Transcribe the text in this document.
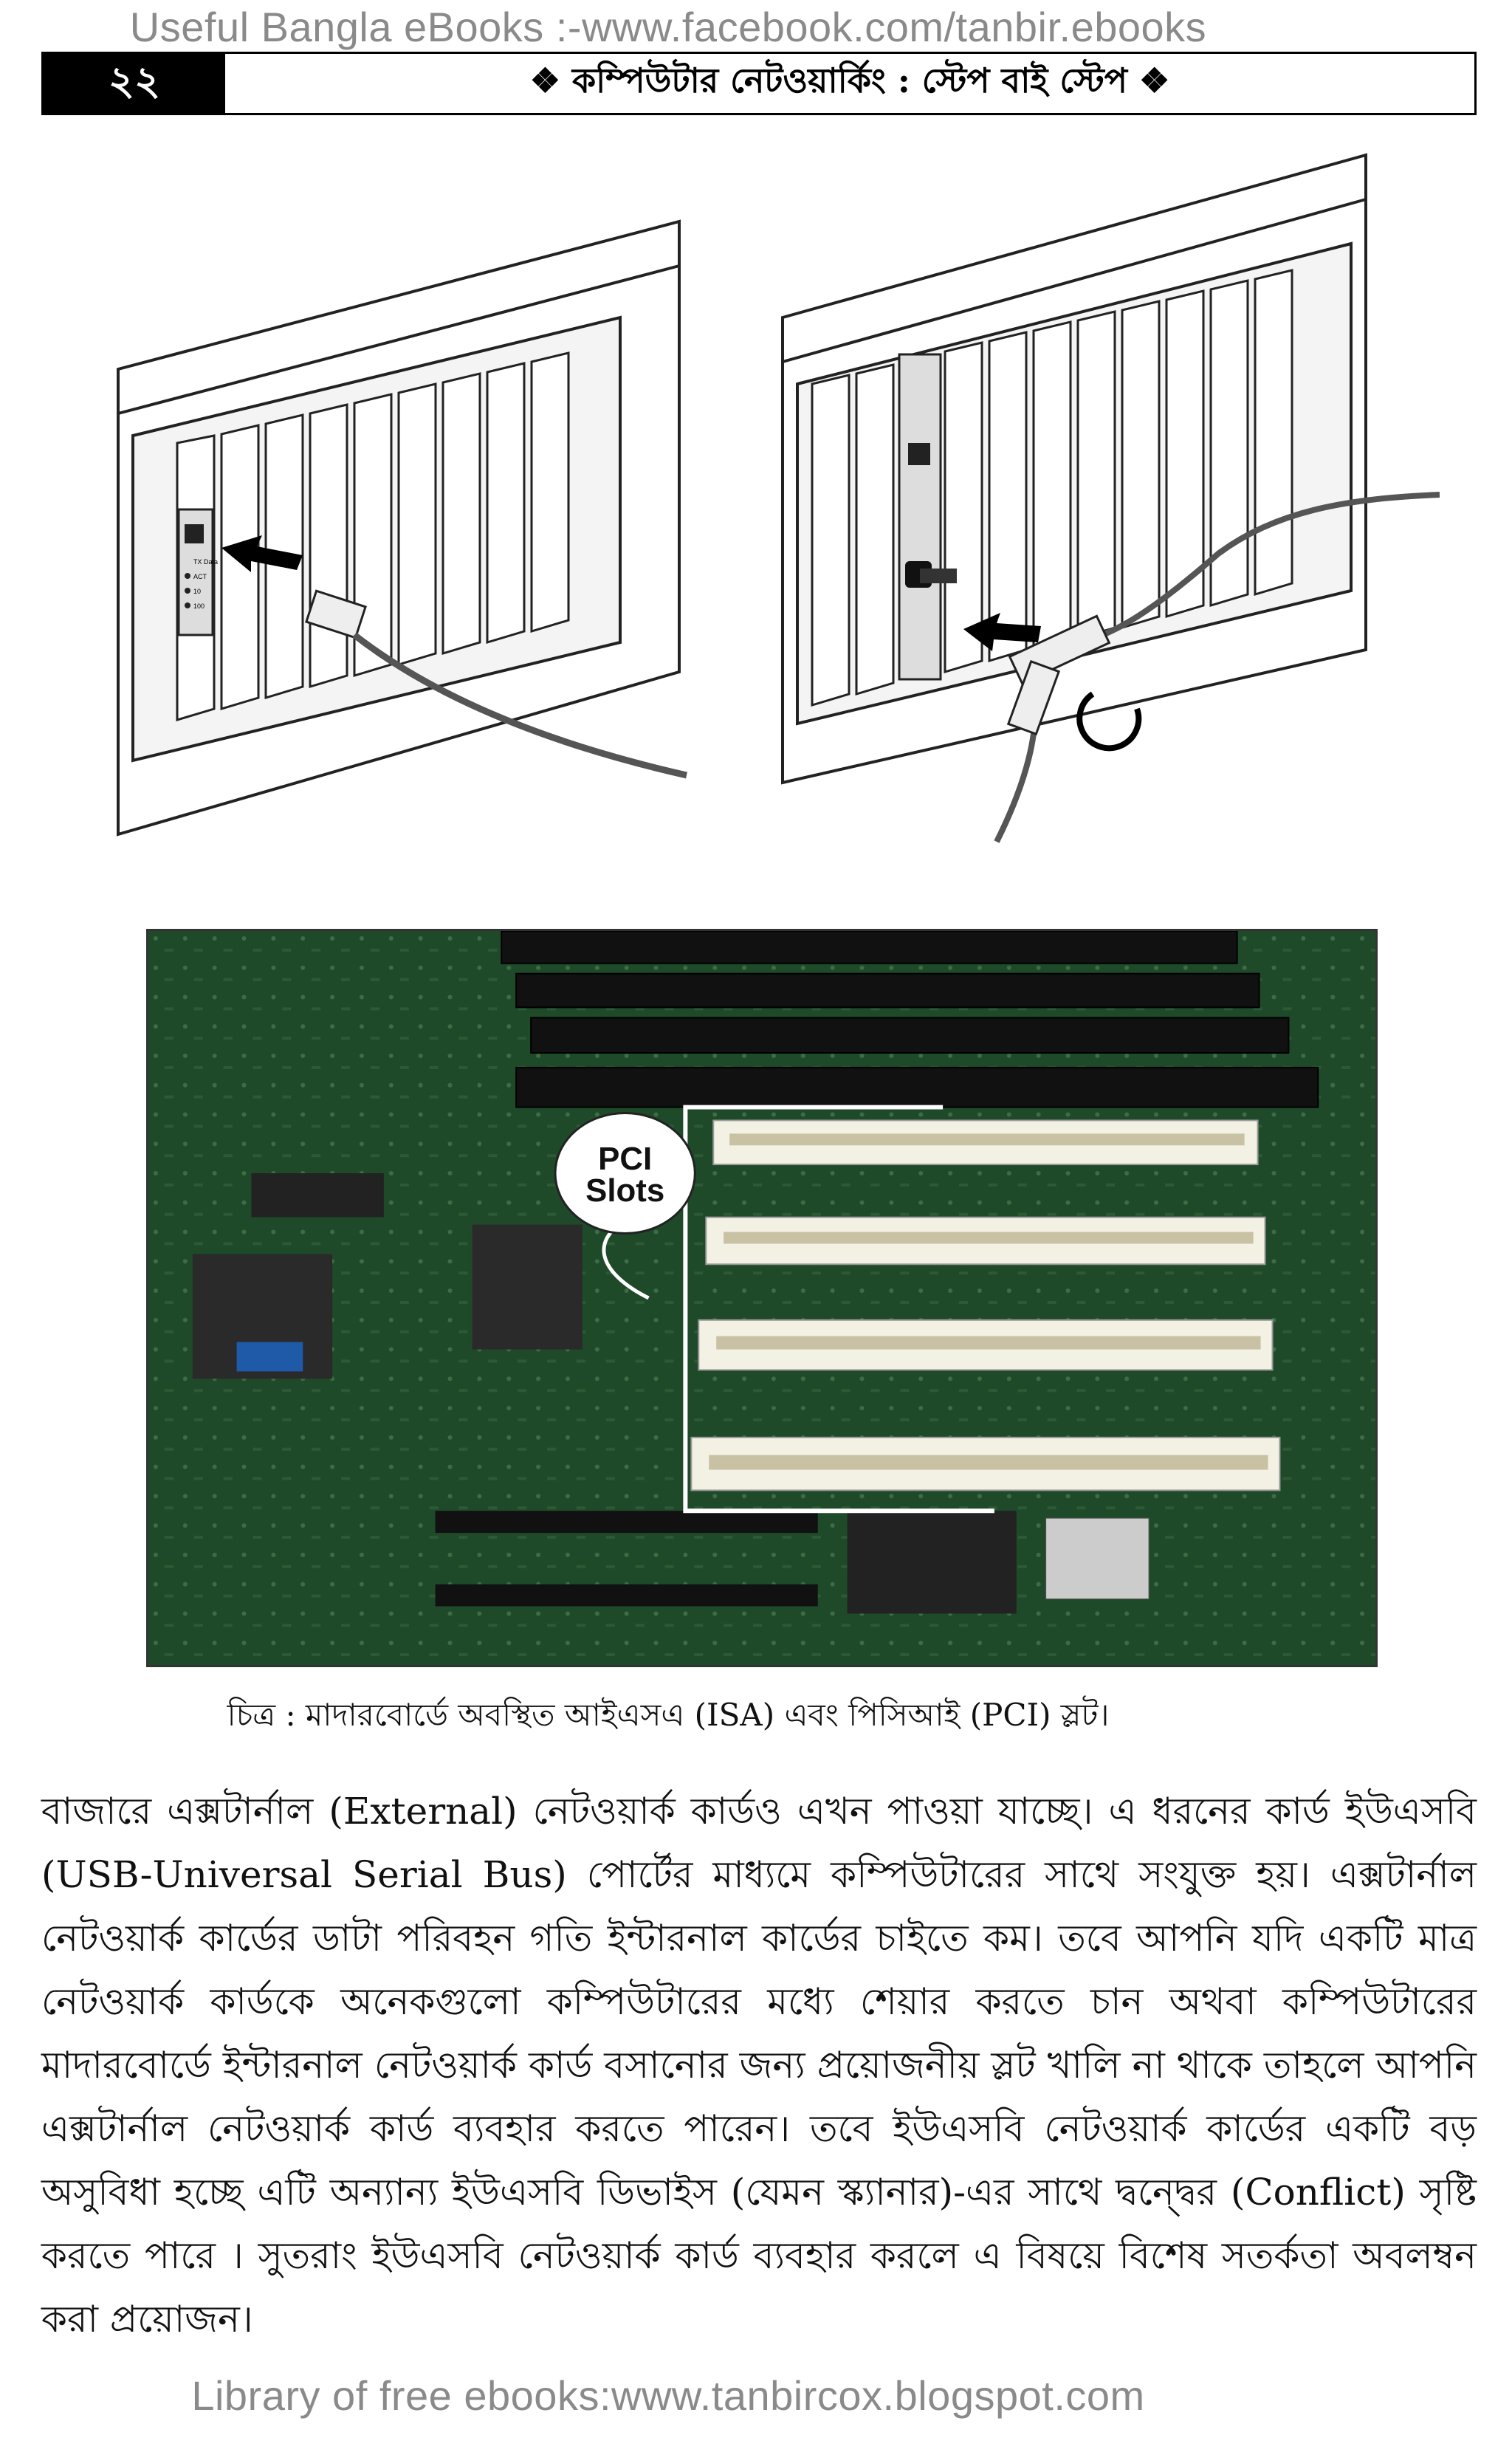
Useful Bangla eBooks :-www.facebook.com/tanbir.ebooks
২২	❖ কম্পিউটার নেটওয়ার্কিং : স্টেপ বাই স্টেপ ❖
TX Data
ACT
10
100
PCI
Slots
চিত্র : মাদারবোর্ডে অবস্থিত আইএসএ (ISA) এবং পিসিআই (PCI) স্লট।
বাজারে এক্সটার্নাল (External) নেটওয়ার্ক কার্ডও এখন পাওয়া যাচ্ছে। এ ধরনের কার্ড ইউএসবি (USB-Universal Serial Bus) পোর্টের মাধ্যমে কম্পিউটারের সাথে সংযুক্ত হয়। এক্সটার্নাল নেটওয়ার্ক কার্ডের ডাটা পরিবহন গতি ইন্টারনাল কার্ডের চাইতে কম। তবে আপনি যদি একটি মাত্র নেটওয়ার্ক কার্ডকে অনেকগুলো কম্পিউটারের মধ্যে শেয়ার করতে চান অথবা কম্পিউটারের মাদারবোর্ডে ইন্টারনাল নেটওয়ার্ক কার্ড বসানোর জন্য প্রয়োজনীয় স্লট খালি না থাকে তাহলে আপনি এক্সটার্নাল নেটওয়ার্ক কার্ড ব্যবহার করতে পারেন। তবে ইউএসবি নেটওয়ার্ক কার্ডের একটি বড় অসুবিধা হচ্ছে এটি অন্যান্য ইউএসবি ডিভাইস (যেমন স্ক্যানার)-এর সাথে দ্বন্দ্বের (Conflict) সৃষ্টি করতে পারে । সুতরাং ইউএসবি নেটওয়ার্ক কার্ড ব্যবহার করলে এ বিষয়ে বিশেষ সতর্কতা অবলম্বন করা প্রয়োজন।
Library of free ebooks:www.tanbircox.blogspot.com
